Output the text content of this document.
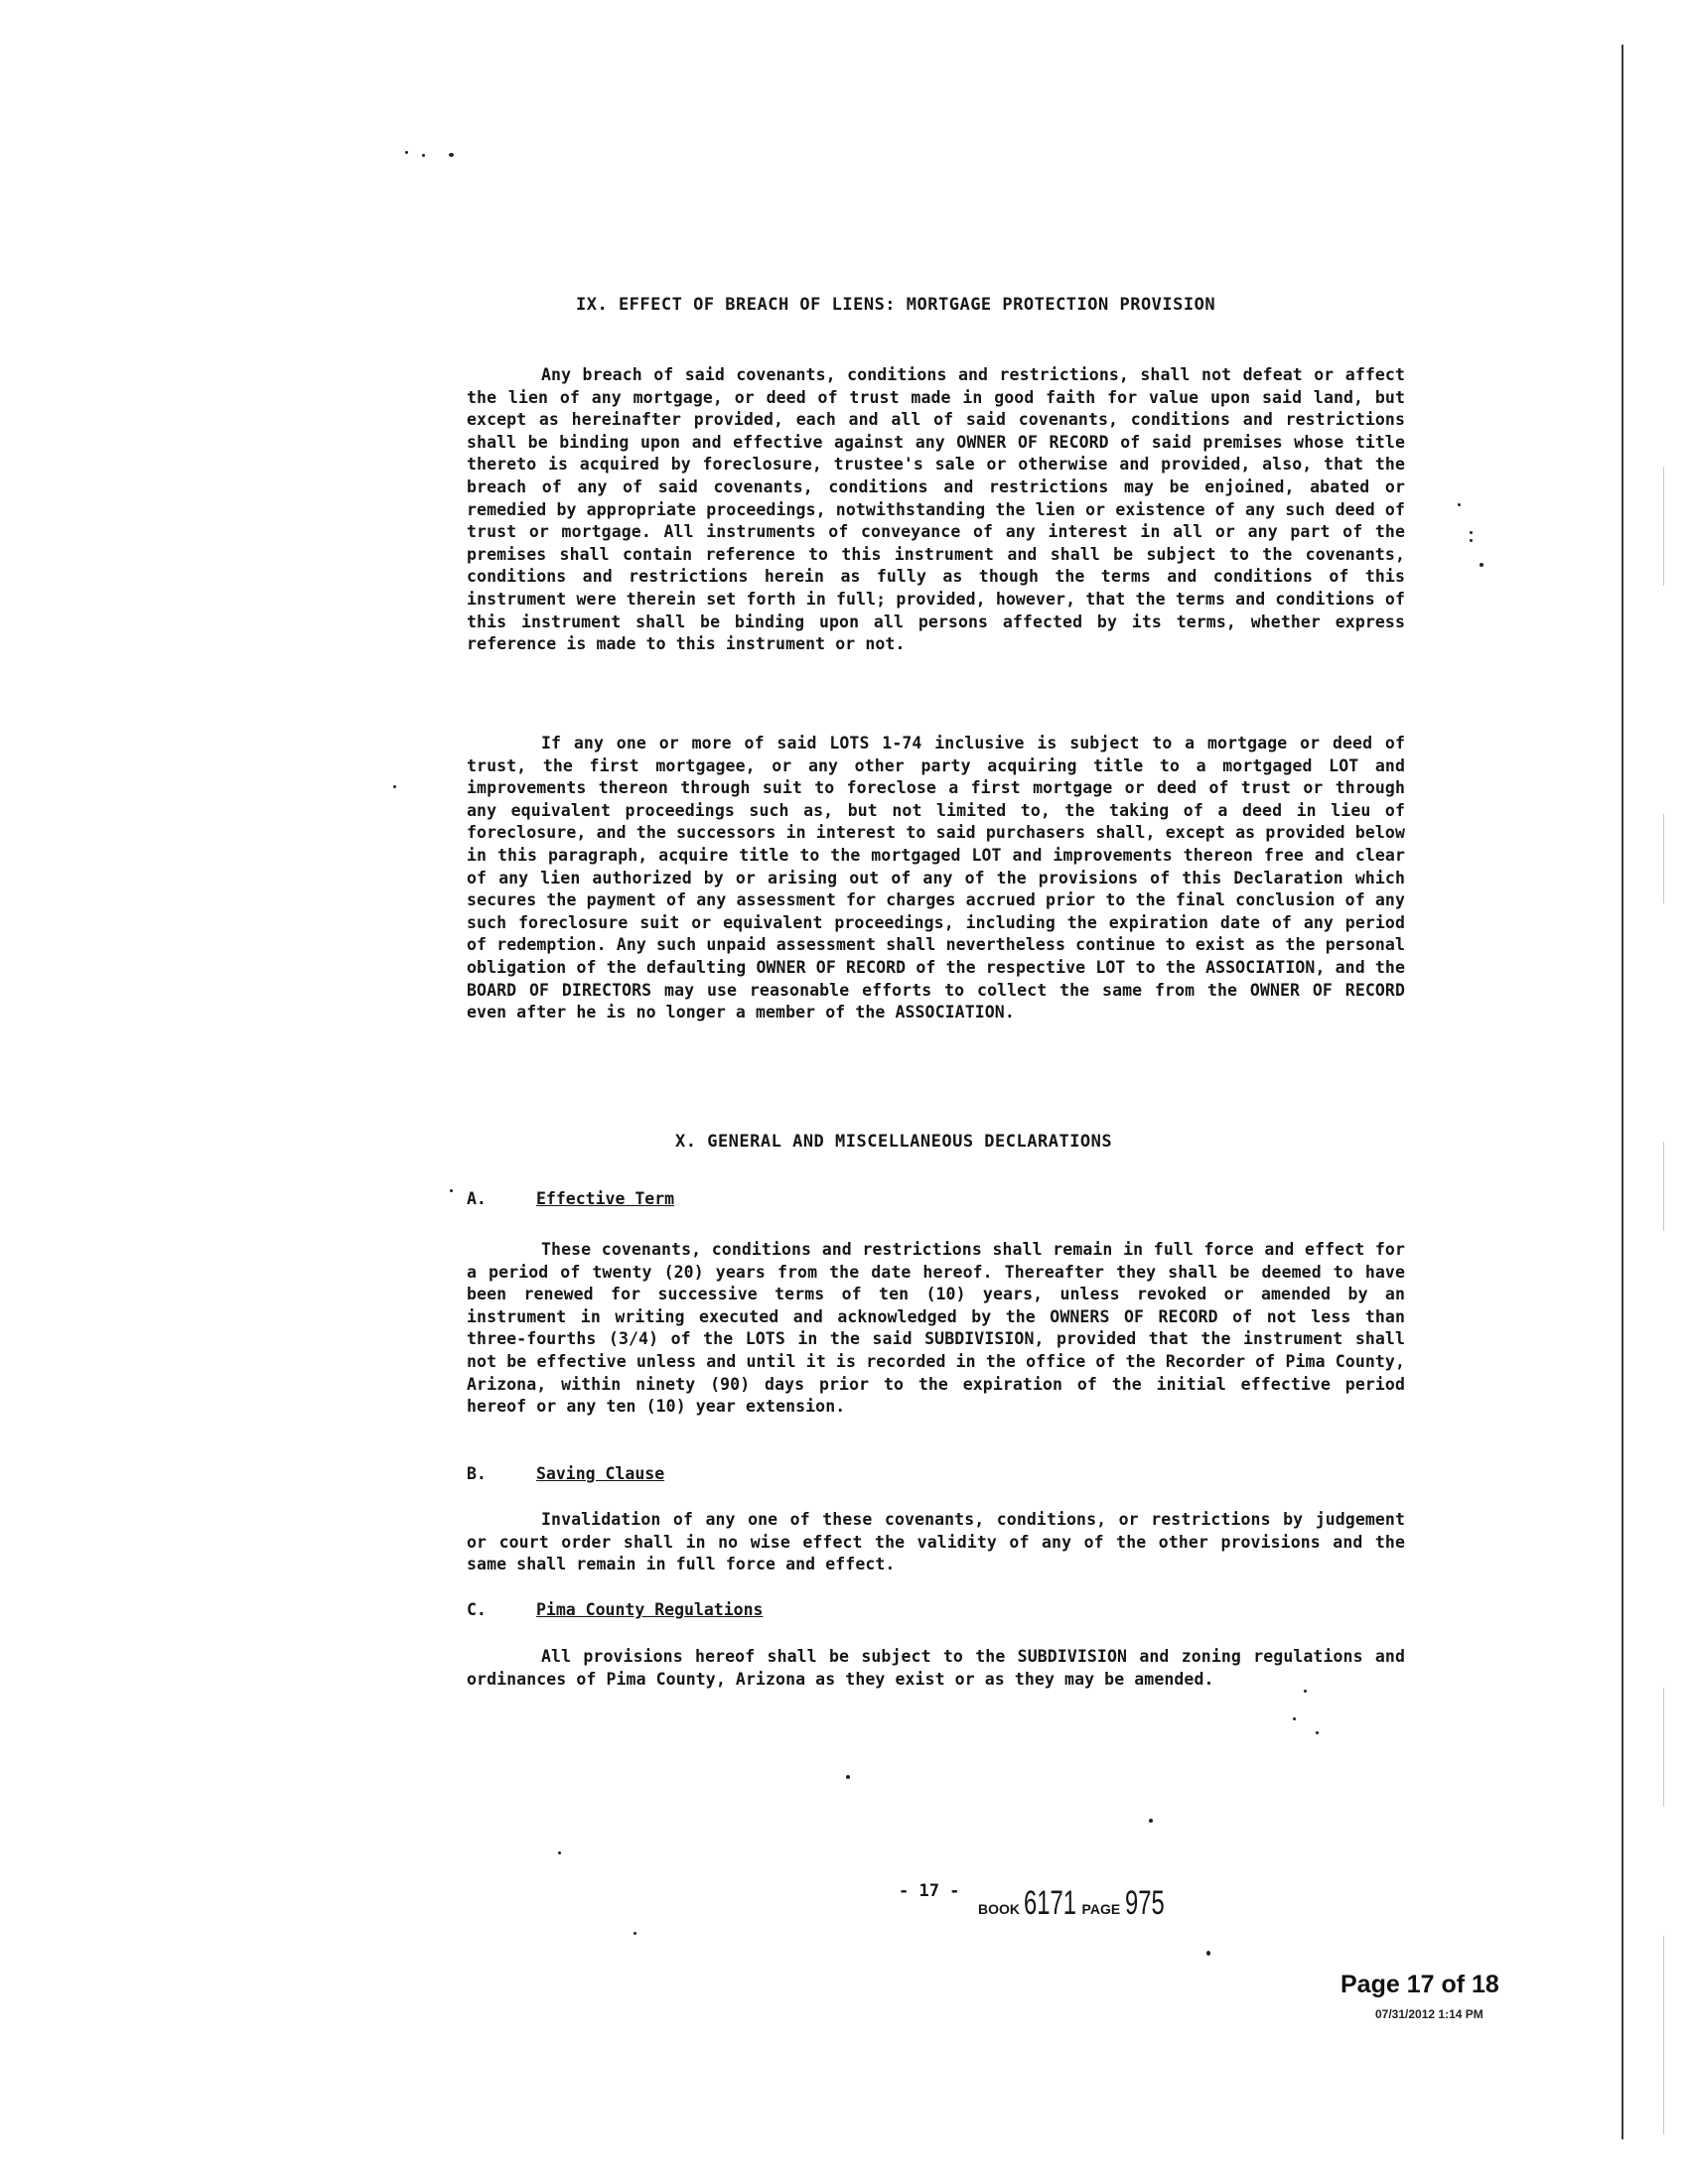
IX. EFFECT OF BREACH OF LIENS: MORTGAGE PROTECTION PROVISION

Any breach of said covenants, conditions and restrictions, shall not defeat or affect the lien of any mortgage, or deed of trust made in good faith for value upon said land, but except as hereinafter provided, each and all of said covenants, conditions and restrictions shall be binding upon and effective against any OWNER OF RECORD of said premises whose title thereto is acquired by foreclosure, trustee's sale or otherwise and provided, also, that the breach of any of said covenants, conditions and restrictions may be enjoined, abated or remedied by appropriate proceedings, notwithstanding the lien or existence of any such deed of trust or mortgage. All instruments of conveyance of any interest in all or any part of the premises shall contain reference to this instrument and shall be subject to the covenants, conditions and restrictions herein as fully as though the terms and conditions of this instrument were therein set forth in full; provided, however, that the terms and conditions of this instrument shall be binding upon all persons affected by its terms, whether express reference is made to this instrument or not.

If any one or more of said LOTS 1-74 inclusive is subject to a mortgage or deed of trust, the first mortgagee, or any other party acquiring title to a mortgaged LOT and improvements thereon through suit to foreclose a first mortgage or deed of trust or through any equivalent proceedings such as, but not limited to, the taking of a deed in lieu of foreclosure, and the successors in interest to said purchasers shall, except as provided below in this paragraph, acquire title to the mortgaged LOT and improvements thereon free and clear of any lien authorized by or arising out of any of the provisions of this Declaration which secures the payment of any assessment for charges accrued prior to the final conclusion of any such foreclosure suit or equivalent proceedings, including the expiration date of any period of redemption. Any such unpaid assessment shall nevertheless continue to exist as the personal obligation of the defaulting OWNER OF RECORD of the respective LOT to the ASSOCIATION, and the BOARD OF DIRECTORS may use reasonable efforts to collect the same from the OWNER OF RECORD even after he is no longer a member of the ASSOCIATION.

X. GENERAL AND MISCELLANEOUS DECLARATIONS
A.	Effective Term

These covenants, conditions and restrictions shall remain in full force and effect for a period of twenty (20) years from the date hereof. Thereafter they shall be deemed to have been renewed for successive terms of ten (10) years, unless revoked or amended by an instrument in writing executed and acknowledged by the OWNERS OF RECORD of not less than three-fourths (3/4) of the LOTS in the said SUBDIVISION, provided that the instrument shall not be effective unless and until it is recorded in the office of the Recorder of Pima County, Arizona, within ninety (90) days prior to the expiration of the initial effective period hereof or any ten (10) year extension.

B.	Saving Clause

Invalidation of any one of these covenants, conditions, or restrictions by judgement or court order shall in no wise effect the validity of any of the other provisions and the same shall remain in full force and effect.

C.	Pima County Regulations

All provisions hereof shall be subject to the SUBDIVISION and zoning regulations and ordinances of Pima County, Arizona as they exist or as they may be amended.

- 17 -
BOOK 6171 PAGE 975
Page 17 of 18
07/31/2012 1:14 PM
